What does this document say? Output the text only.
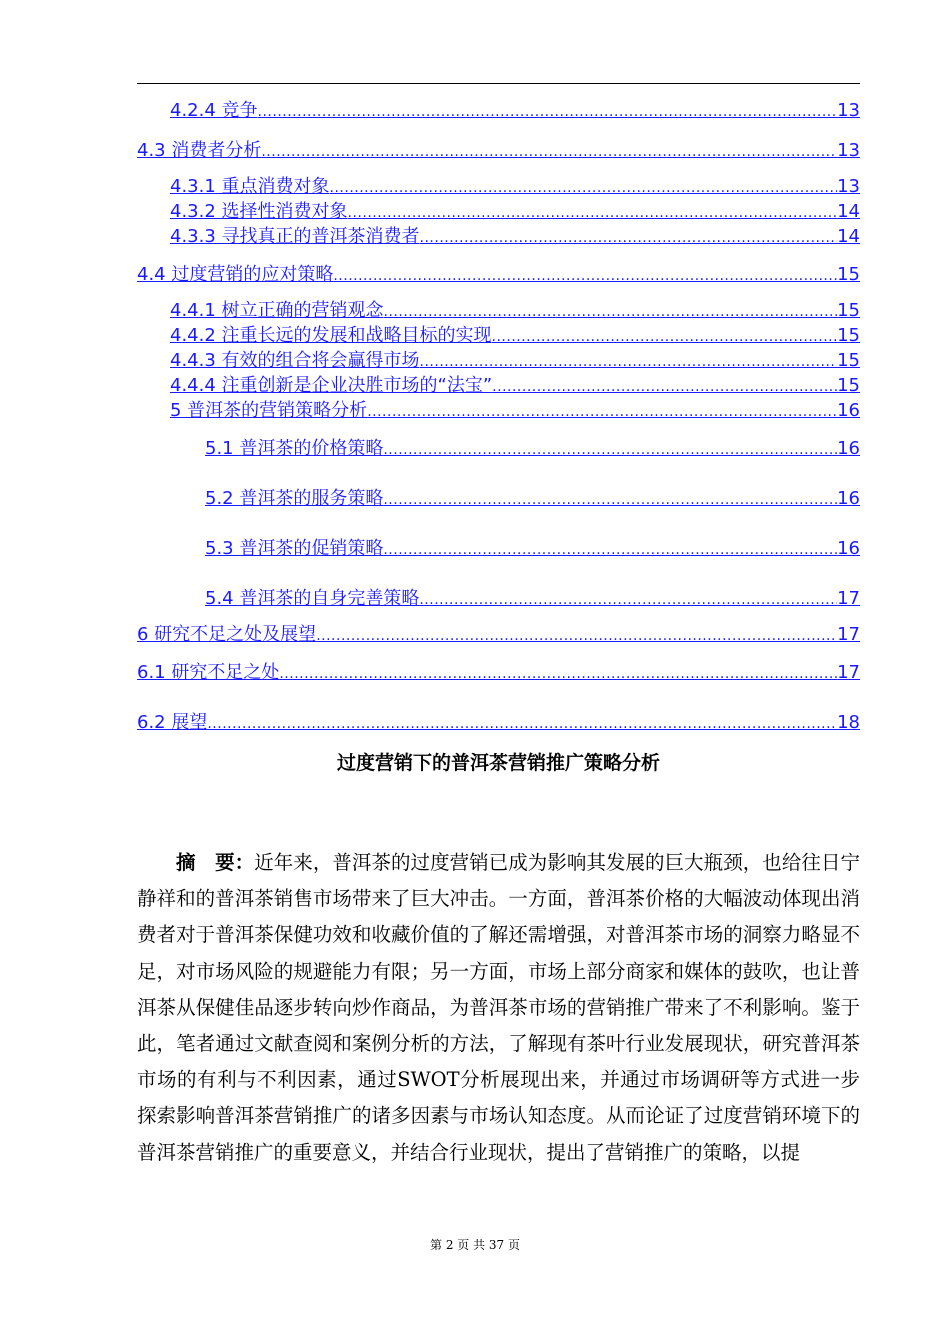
4.2.4 竞争 .....	13
4.3 消费者分析 .....	13
4.3.1 重点消费对象 .....	13
4.3.2 选择性消费对象 .....	14
4.3.3 寻找真正的普洱茶消费者 .....	14
4.4 过度营销的应对策略 .....	15
4.4.1 树立正确的营销观念 .....	15
4.4.2 注重长远的发展和战略目标的实现 .....	15
4.4.3 有效的组合将会赢得市场 .....	15
4.4.4 注重创新是企业决胜市场的“法宝” .....	15
5 普洱茶的营销策略分析 .....	16
5.1 普洱茶的价格策略 .....	16
5.2 普洱茶的服务策略 .....	16
5.3 普洱茶的促销策略 .....	16
5.4 普洱茶的自身完善策略 .....	17
6 研究不足之处及展望 .....	17
6.1 研究不足之处 .....	17
6.2 展望 .....	18
过度营销下的普洱茶营销推广策略分析

摘　要：近年来，普洱茶的过度营销已成为影响其发展的巨大瓶颈，也给往日宁静祥和的普洱茶销售市场带来了巨大冲击。一方面，普洱茶价格的大幅波动体现出消费者对于普洱茶保健功效和收藏价值的了解还需增强，对普洱茶市场的洞察力略显不足，对市场风险的规避能力有限；另一方面，市场上部分商家和媒体的鼓吹，也让普洱茶从保健佳品逐步转向炒作商品，为普洱茶市场的营销推广带来了不利影响。鉴于此，笔者通过文献查阅和案例分析的方法，了解现有茶叶行业发展现状，研究普洱茶市场的有利与不利因素，通过SWOT分析展现出来，并通过市场调研等方式进一步探索影响普洱茶营销推广的诸多因素与市场认知态度。从而论证了过度营销环境下的普洱茶营销推广的重要意义，并结合行业现状，提出了营销推广的策略，以提

第 2 页 共 37 页
